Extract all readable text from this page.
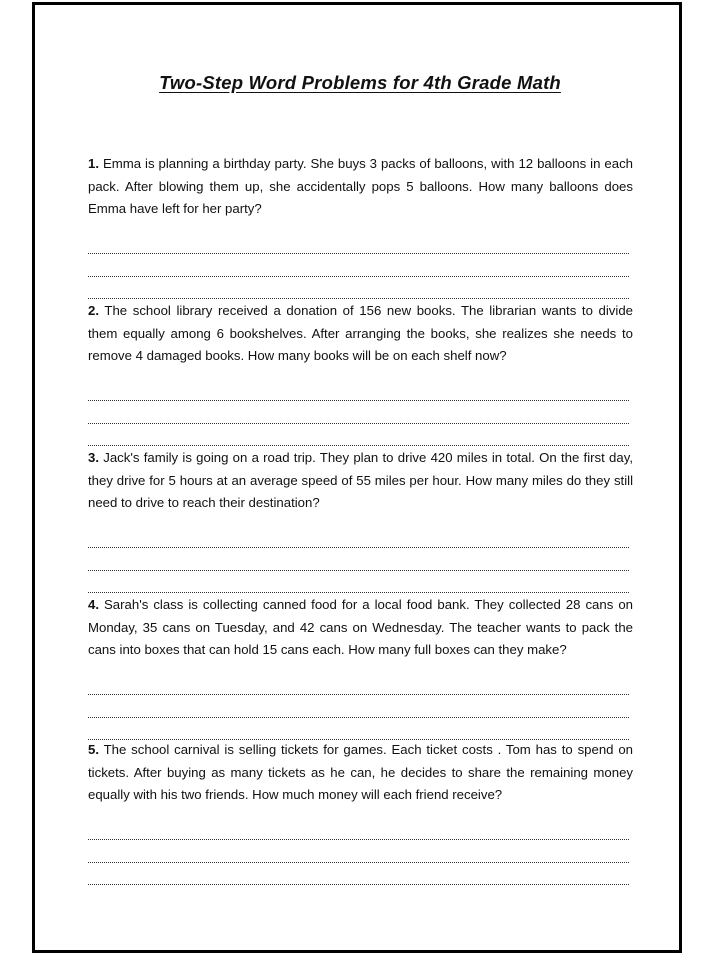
Two-Step Word Problems for 4th Grade Math

1. Emma is planning a birthday party. She buys 3 packs of balloons, with 12 balloons in each pack. After blowing them up, she accidentally pops 5 balloons. How many balloons does Emma have left for her party?

2. The school library received a donation of 156 new books. The librarian wants to divide them equally among 6 bookshelves. After arranging the books, she realizes she needs to remove 4 damaged books. How many books will be on each shelf now?

3. Jack's family is going on a road trip. They plan to drive 420 miles in total. On the first day, they drive for 5 hours at an average speed of 55 miles per hour. How many miles do they still need to drive to reach their destination?

4. Sarah's class is collecting canned food for a local food bank. They collected 28 cans on Monday, 35 cans on Tuesday, and 42 cans on Wednesday. The teacher wants to pack the cans into boxes that can hold 15 cans each. How many full boxes can they make?

5. The school carnival is selling tickets for games. Each ticket costs . Tom has to spend on tickets. After buying as many tickets as he can, he decides to share the remaining money equally with his two friends. How much money will each friend receive?
